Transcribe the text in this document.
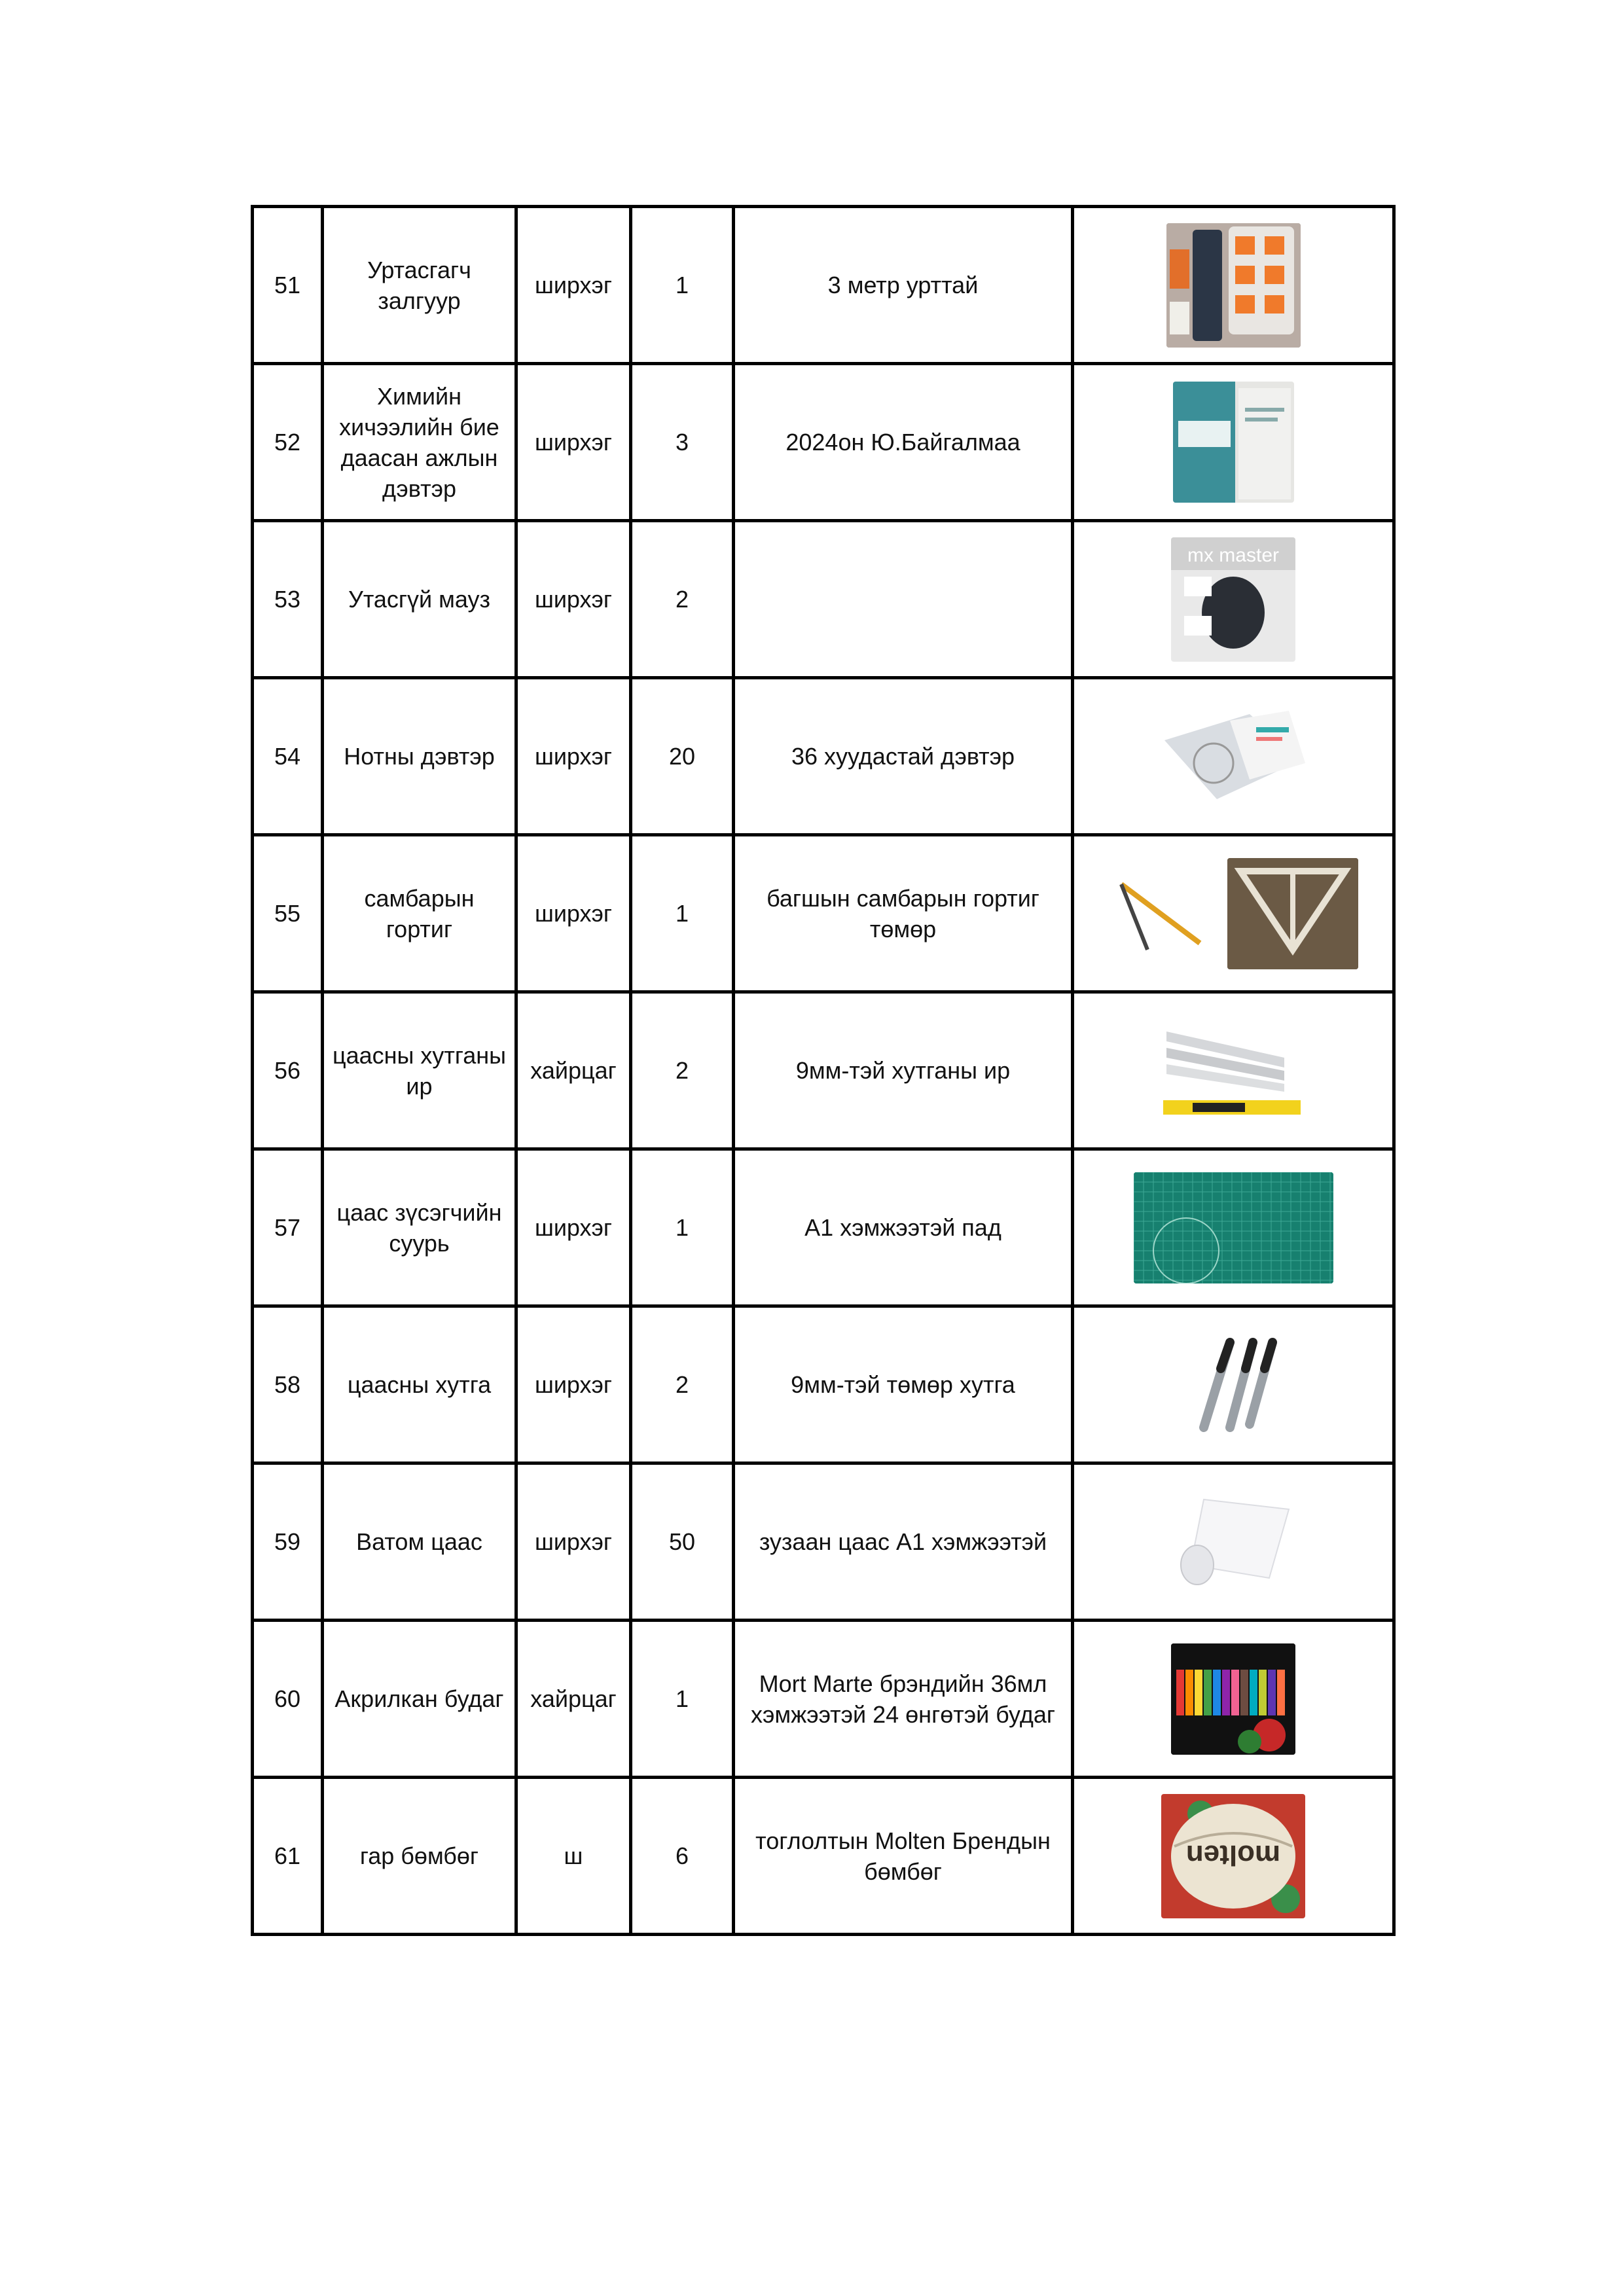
51	Уртасгагч залгуур	ширхэг	1	3 метр урттай	

52	Химийн хичээлийн бие даасан ажлын дэвтэр	ширхэг	3	2024он Ю.Байгалмаа	

53	Утасгүй мауз	ширхэг	2		mx master

54	Нотны дэвтэр	ширхэг	20	36 хуудастай дэвтэр	

55	самбарын гортиг	ширхэг	1	багшын самбарын гортиг төмөр	

56	цаасны хутганы ир	хайрцаг	2	9мм-тэй хутганы ир	

57	цаас зүсэгчийн суурь	ширхэг	1	А1 хэмжээтэй пад	

58	цаасны хутга	ширхэг	2	9мм-тэй төмөр хутга	

59	Ватом цаас	ширхэг	50	зузаан цаас А1 хэмжээтэй	

60	Акрилкан будаг	хайрцаг	1	Mort Marte брэндийн 36мл хэмжээтэй 24 өнгөтэй будаг	

61	гар бөмбөг	ш	6	тоглолтын Molten Брендын бөмбөг	molten
